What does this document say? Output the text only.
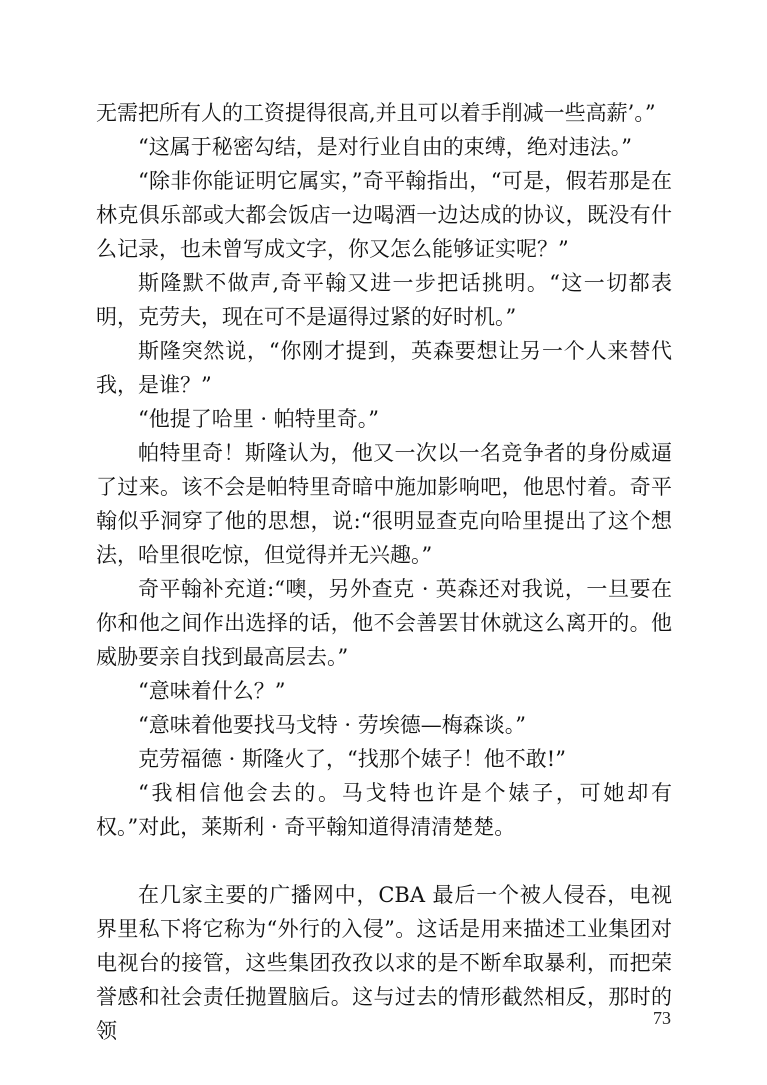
无需把所有人的工资提得很高,并且可以着手削减一些高薪’。”

“这属于秘密勾结，是对行业自由的束缚，绝对违法。”

“除非你能证明它属实，”奇平翰指出，“可是，假若那是在林克俱乐部或大都会饭店一边喝酒一边达成的协议，既没有什么记录，也未曾写成文字，你又怎么能够证实呢？”

斯隆默不做声,奇平翰又进一步把话挑明。“这一切都表明，克劳夫，现在可不是逼得过紧的好时机。”

斯隆突然说，“你刚才提到，英森要想让另一个人来替代我，是谁？”

“他提了哈里 · 帕特里奇。”

帕特里奇！斯隆认为，他又一次以一名竞争者的身份威逼了过来。该不会是帕特里奇暗中施加影响吧，他思忖着。奇平翰似乎洞穿了他的思想，说:“很明显查克向哈里提出了这个想法，哈里很吃惊，但觉得并无兴趣。”

奇平翰补充道:“噢，另外查克 · 英森还对我说，一旦要在你和他之间作出选择的话，他不会善罢甘休就这么离开的。他威胁要亲自找到最高层去。”

“意味着什么？”

“意味着他要找马戈特 · 劳埃德—梅森谈。”

克劳福德 · 斯隆火了，“找那个婊子！他不敢!”

“我相信他会去的。马戈特也许是个婊子，可她却有权。”对此，莱斯利 · 奇平翰知道得清清楚楚。

在几家主要的广播网中，CBA 最后一个被人侵吞，电视界里私下将它称为“外行的入侵”。这话是用来描述工业集团对电视台的接管，这些集团孜孜以求的是不断牟取暴利，而把荣誉感和社会责任抛置脑后。这与过去的情形截然相反，那时的领

73
